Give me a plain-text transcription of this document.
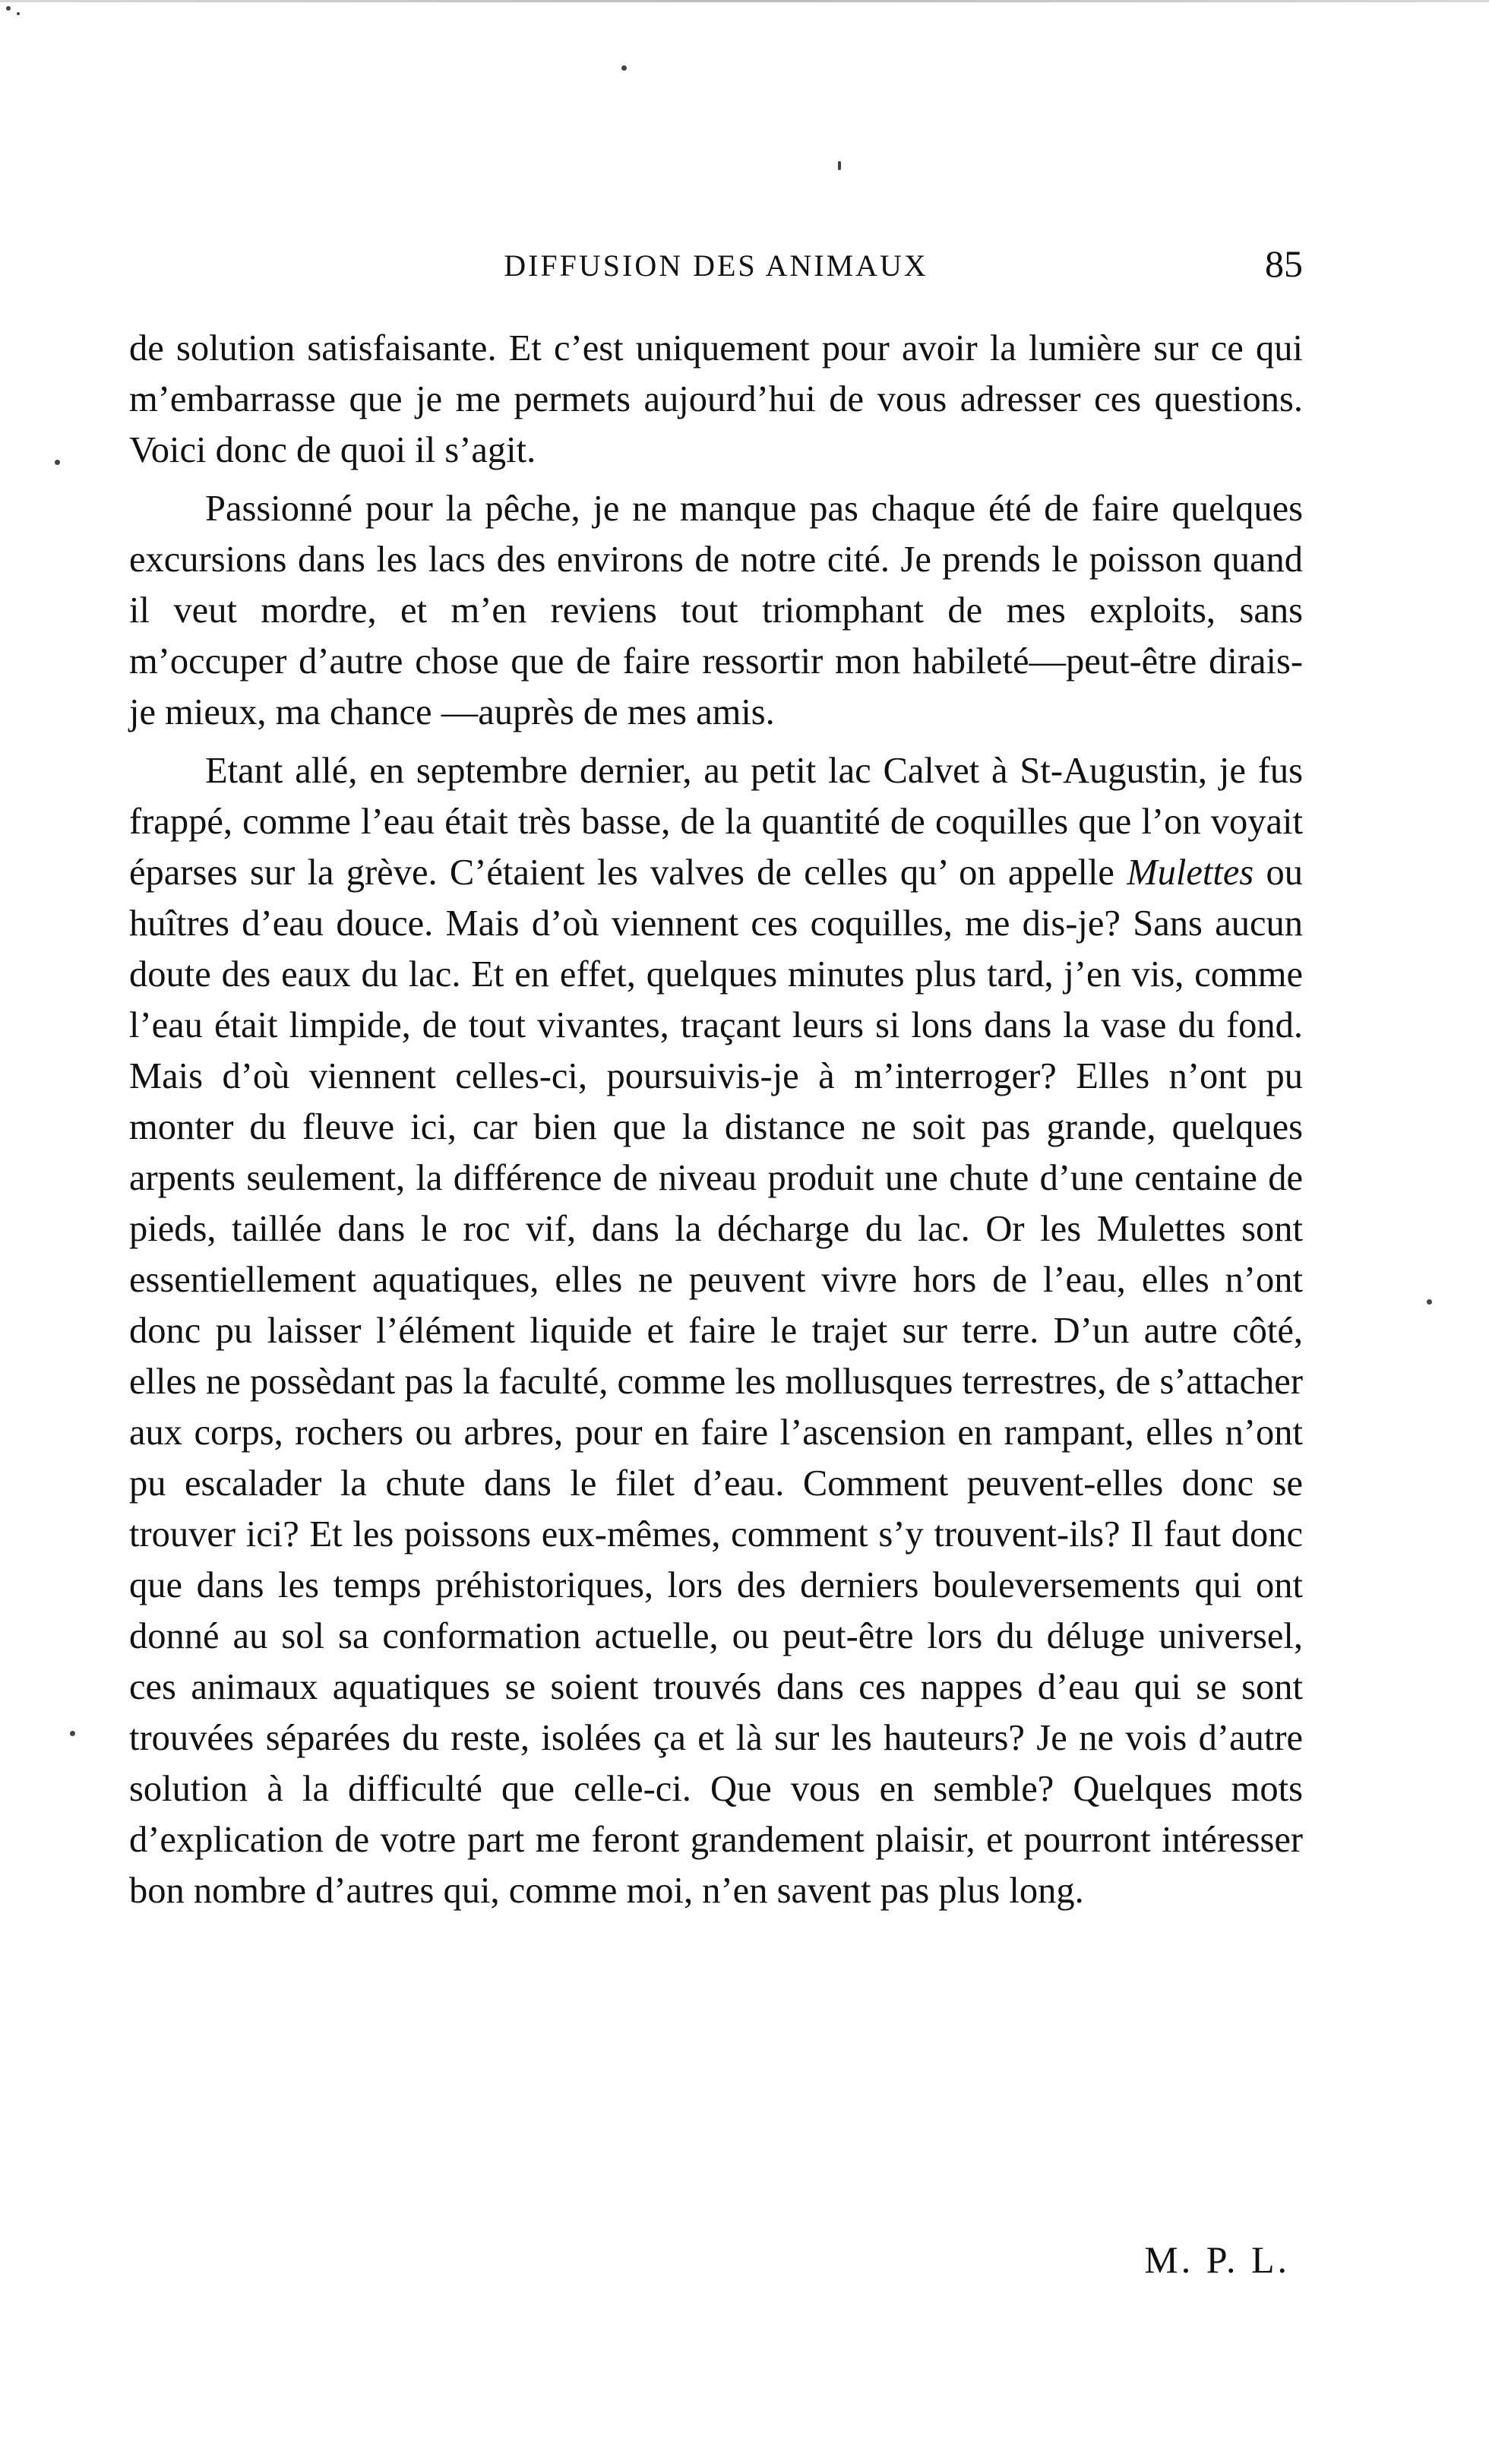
DIFFUSION DES ANIMAUX	85

de solution satisfaisante. Et c’est uniquement pour avoir la lumière sur ce qui m’embarrasse que je me permets aujourd’hui de vous adresser ces questions. Voici donc de quoi il s’agit.

Passionné pour la pêche, je ne manque pas chaque été de faire quelques excursions dans les lacs des environs de notre cité. Je prends le poisson quand il veut mordre, et m’en reviens tout triomphant de mes exploits, sans m’occuper d’autre chose que de faire ressortir mon habileté—peut-être dirais-je mieux, ma chance —auprès de mes amis.

Etant allé, en septembre dernier, au petit lac Calvet à St-Augustin, je fus frappé, comme l’eau était très basse, de la quantité de coquilles que l’on voyait éparses sur la grève. C’étaient les valves de celles qu’ on appelle Mulettes ou huîtres d’eau douce. Mais d’où viennent ces coquilles, me dis-je? Sans aucun doute des eaux du lac. Et en effet, quelques minutes plus tard, j’en vis, comme l’eau était limpide, de tout vivantes, traçant leurs si lons dans la vase du fond. Mais d’où viennent celles-ci, poursuivis-je à m’interroger? Elles n’ont pu monter du fleuve ici, car bien que la distance ne soit pas grande, quelques arpents seulement, la différence de niveau produit une chute d’une centaine de pieds, taillée dans le roc vif, dans la décharge du lac. Or les Mulettes sont essentiellement aquatiques, elles ne peuvent vivre hors de l’eau, elles n’ont donc pu laisser l’élément liquide et faire le trajet sur terre. D’un autre côté, elles ne possèdant pas la faculté, comme les mollusques terrestres, de s’attacher aux corps, rochers ou arbres, pour en faire l’ascension en rampant, elles n’ont pu escalader la chute dans le filet d’eau. Comment peuvent-elles donc se trouver ici? Et les poissons eux-mêmes, comment s’y trouvent-ils? Il faut donc que dans les temps préhistoriques, lors des derniers bouleversements qui ont donné au sol sa conformation actuelle, ou peut-être lors du déluge universel, ces animaux aquatiques se soient trouvés dans ces nappes d’eau qui se sont trouvées séparées du reste, isolées ça et là sur les hauteurs? Je ne vois d’autre solution à la difficulté que celle-ci. Que vous en semble? Quelques mots d’explication de votre part me feront grandement plaisir, et pourront intéresser bon nombre d’autres qui, comme moi, n’en savent pas plus long.

M. P. L.
